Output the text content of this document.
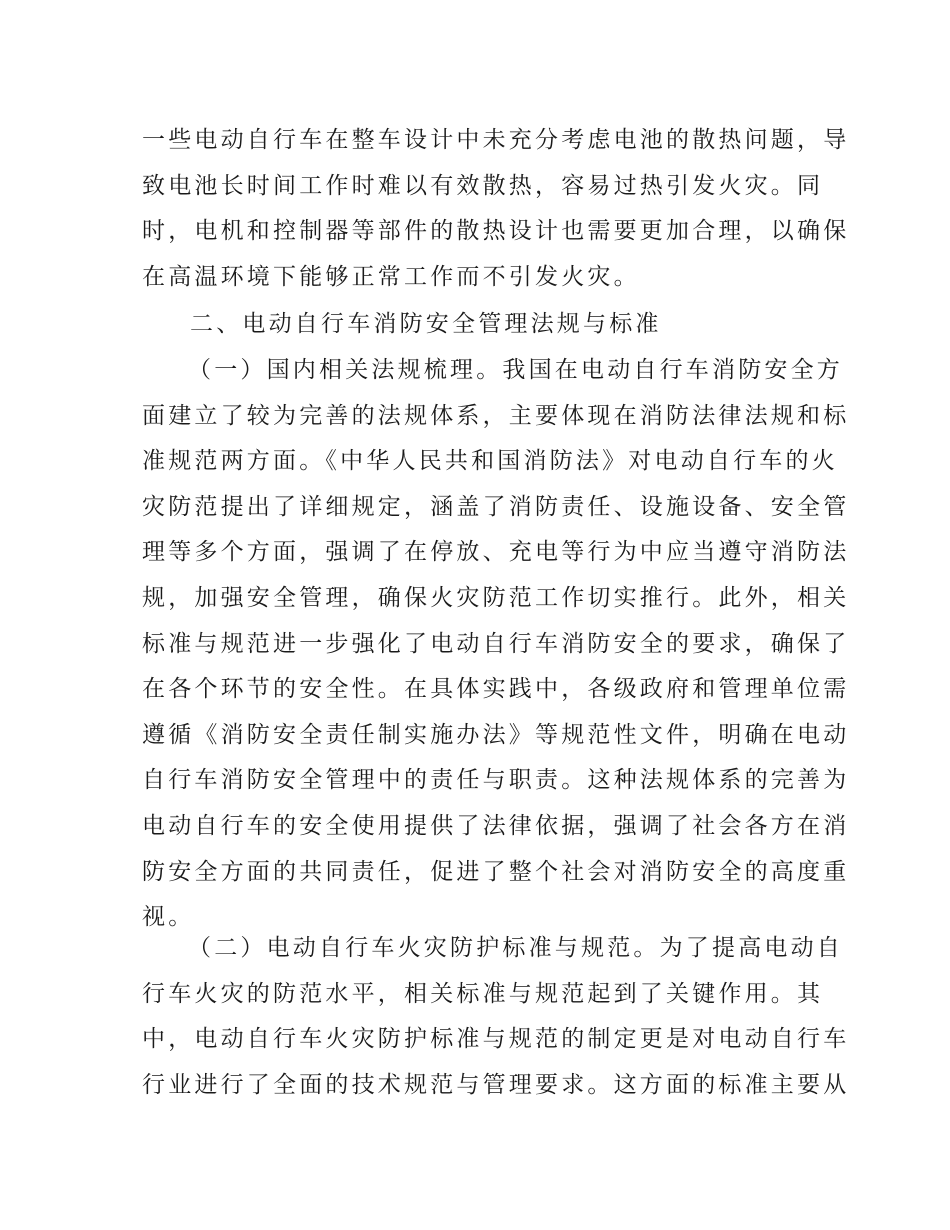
一些电动自行车在整车设计中未充分考虑电池的散热问题，导
致电池长时间工作时难以有效散热，容易过热引发火灾。同
时，电机和控制器等部件的散热设计也需要更加合理，以确保
在高温环境下能够正常工作而不引发火灾。
二、电动自行车消防安全管理法规与标准
（一）国内相关法规梳理。我国在电动自行车消防安全方
面建立了较为完善的法规体系，主要体现在消防法律法规和标
准规范两方面。《中华人民共和国消防法》对电动自行车的火
灾防范提出了详细规定，涵盖了消防责任、设施设备、安全管
理等多个方面，强调了在停放、充电等行为中应当遵守消防法
规，加强安全管理，确保火灾防范工作切实推行。此外，相关
标准与规范进一步强化了电动自行车消防安全的要求，确保了
在各个环节的安全性。在具体实践中，各级政府和管理单位需
遵循《消防安全责任制实施办法》等规范性文件，明确在电动
自行车消防安全管理中的责任与职责。这种法规体系的完善为
电动自行车的安全使用提供了法律依据，强调了社会各方在消
防安全方面的共同责任，促进了整个社会对消防安全的高度重
视。
（二）电动自行车火灾防护标准与规范。为了提高电动自
行车火灾的防范水平，相关标准与规范起到了关键作用。其
中，电动自行车火灾防护标准与规范的制定更是对电动自行车
行业进行了全面的技术规范与管理要求。这方面的标准主要从
